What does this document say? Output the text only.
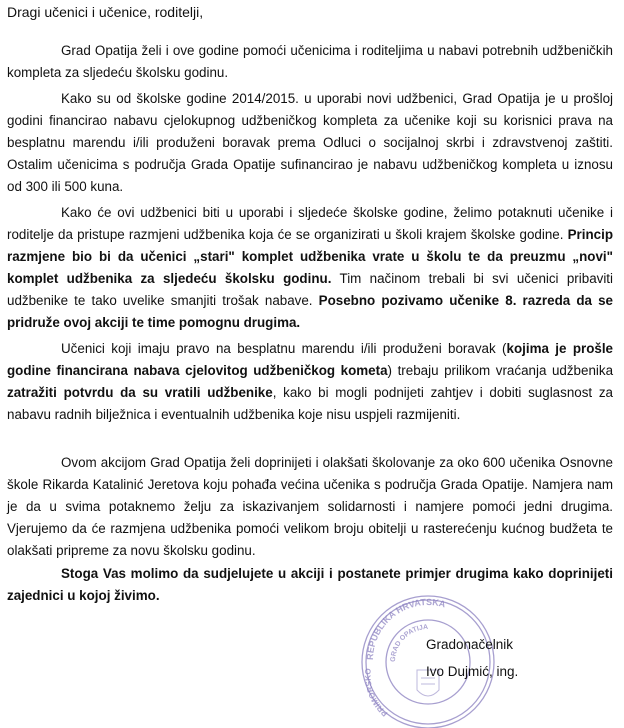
Dragi učenici i učenice, roditelji,

Grad Opatija želi i ove godine pomoći učenicima i roditeljima u nabavi potrebnih udžbeničkih kompleta za sljedeću školsku godinu.

Kako su od školske godine 2014/2015. u uporabi novi udžbenici, Grad Opatija je u prošloj godini financirao nabavu cjelokupnog udžbeničkog kompleta za učenike koji su korisnici prava na besplatnu marendu i/ili produženi boravak prema Odluci o socijalnoj skrbi i zdravstvenoj zaštiti. Ostalim učenicima s područja Grada Opatije sufinancirao je nabavu udžbeničkog kompleta u iznosu od 300 ili 500 kuna.

Kako će ovi udžbenici biti u uporabi i sljedeće školske godine, želimo potaknuti učenike i roditelje da pristupe razmjeni udžbenika koja će se organizirati u školi krajem školske godine. Princip razmjene bio bi da učenici „stari" komplet udžbenika vrate u školu te da preuzmu „novi" komplet udžbenika za sljedeću školsku godinu. Tim načinom trebali bi svi učenici pribaviti udžbenike te tako uvelike smanjiti trošak nabave. Posebno pozivamo učenike 8. razreda da se pridruže ovoj akciji te time pomognu drugima.

Učenici koji imaju pravo na besplatnu marendu i/ili produženi boravak (kojima je prošle godine financirana nabava cjelovitog udžbeničkog kometa) trebaju prilikom vraćanja udžbenika zatražiti potvrdu da su vratili udžbenike, kako bi mogli podnijeti zahtjev i dobiti suglasnost za nabavu radnih bilježnica i eventualnih udžbenika koje nisu uspjeli razmijeniti.

Ovom akcijom Grad Opatija želi doprinijeti i olakšati školovanje za oko 600 učenika Osnovne škole Rikarda Katalinić Jeretova koju pohađa većina učenika s područja Grada Opatije. Namjera nam je da u svima potaknemo želju za iskazivanjem solidarnosti i namjere pomoći jedni drugima. Vjerujemo da će razmjena udžbenika pomoći velikom broju obitelji u rasterećenju kućnog budžeta te olakšati pripreme za novu školsku godinu.

Stoga Vas molimo da sudjelujete u akciji i postanete primjer drugima kako doprinijeti zajednici u kojoj živimo.

REPUBLIKA HRVATSKA
GRAD OPATIJA
PRIMORSKO
Gradonačelnik
Ivo Dujmić, ing.
